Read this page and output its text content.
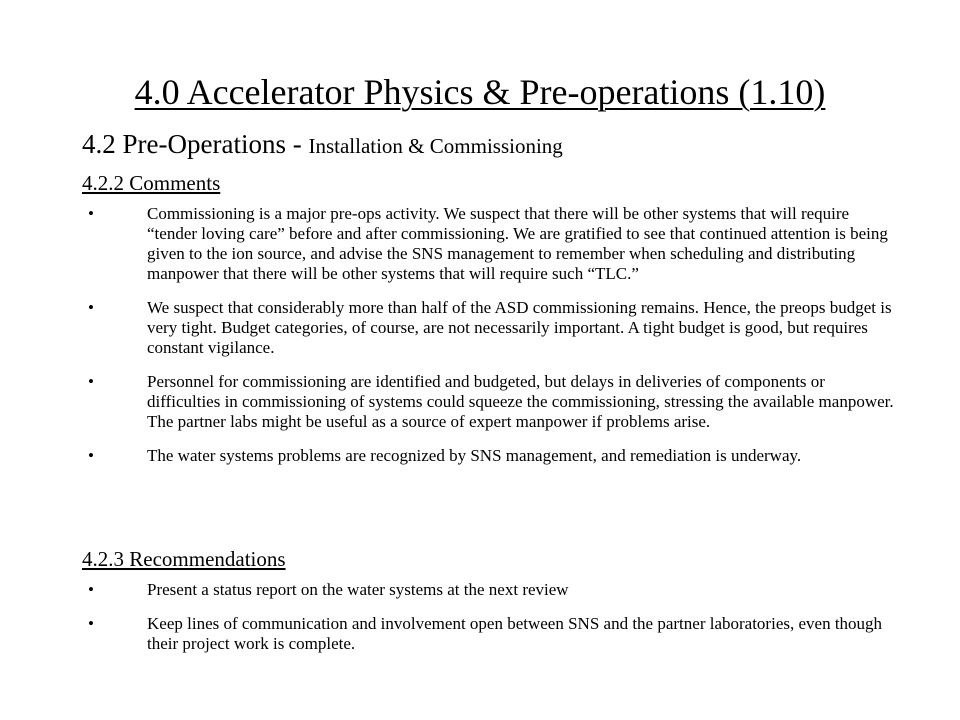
4.0 Accelerator Physics & Pre-operations (1.10)
4.2 Pre-Operations - Installation & Commissioning
4.2.2 Comments
•	Commissioning is a major pre-ops activity. We suspect that there will be other systems that will require “tender loving care” before and after commissioning. We are gratified to see that continued attention is being given to the ion source, and advise the SNS management to remember when scheduling and distributing manpower that there will be other systems that will require such “TLC.”
•	We suspect that considerably more than half of the ASD commissioning remains. Hence, the preops budget is very tight. Budget categories, of course, are not necessarily important. A tight budget is good, but requires constant vigilance.
•	Personnel for commissioning are identified and budgeted, but delays in deliveries of components or difficulties in commissioning of systems could squeeze the commissioning, stressing the available manpower. The partner labs might be useful as a source of expert manpower if problems arise.
•	The water systems problems are recognized by SNS management, and remediation is underway.
4.2.3 Recommendations
•	Present a status report on the water systems at the next review
•	Keep lines of communication and involvement open between SNS and the partner laboratories, even though their project work is complete.
